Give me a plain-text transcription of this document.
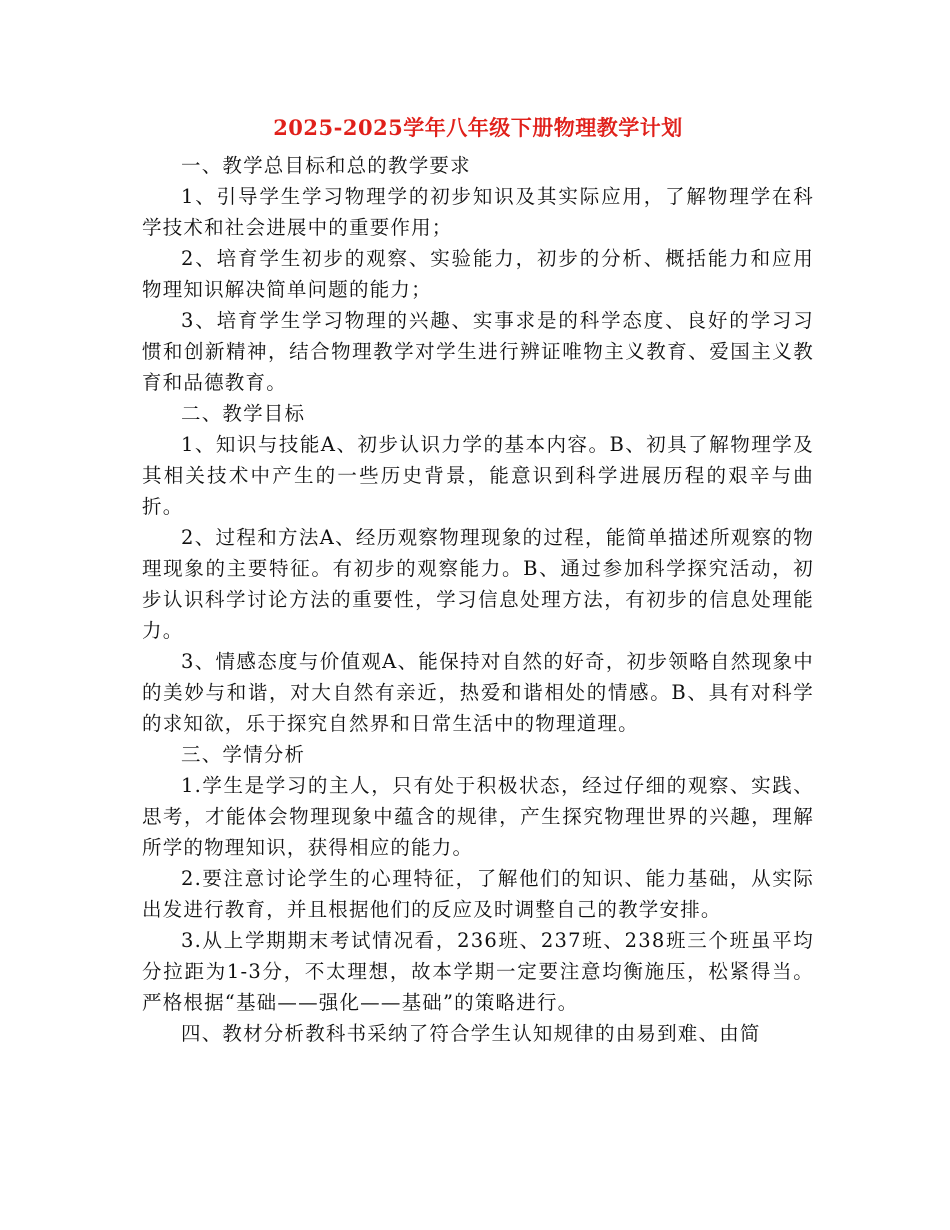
2025-2025学年八年级下册物理教学计划

一、教学总目标和总的教学要求

1、引导学生学习物理学的初步知识及其实际应用，了解物理学在科学技术和社会进展中的重要作用；

2、培育学生初步的观察、实验能力，初步的分析、概括能力和应用物理知识解决简单问题的能力；

3、培育学生学习物理的兴趣、实事求是的科学态度、良好的学习习惯和创新精神，结合物理教学对学生进行辨证唯物主义教育、爱国主义教育和品德教育。

二、教学目标

1、知识与技能A、初步认识力学的基本内容。B、初具了解物理学及其相关技术中产生的一些历史背景，能意识到科学进展历程的艰辛与曲折。

2、过程和方法A、经历观察物理现象的过程，能简单描述所观察的物理现象的主要特征。有初步的观察能力。B、通过参加科学探究活动，初步认识科学讨论方法的重要性，学习信息处理方法，有初步的信息处理能力。

3、情感态度与价值观A、能保持对自然的好奇，初步领略自然现象中的美妙与和谐，对大自然有亲近，热爱和谐相处的情感。B、具有对科学的求知欲，乐于探究自然界和日常生活中的物理道理。

三、学情分析

1.学生是学习的主人，只有处于积极状态，经过仔细的观察、实践、思考，才能体会物理现象中蕴含的规律，产生探究物理世界的兴趣，理解所学的物理知识，获得相应的能力。

2.要注意讨论学生的心理特征，了解他们的知识、能力基础，从实际出发进行教育，并且根据他们的反应及时调整自己的教学安排。

3.从上学期期末考试情况看，236班、237班、238班三个班虽平均分拉距为1-3分，不太理想，故本学期一定要注意均衡施压，松紧得当。严格根据“基础——强化——基础”的策略进行。

四、教材分析教科书采纳了符合学生认知规律的由易到难、由简
